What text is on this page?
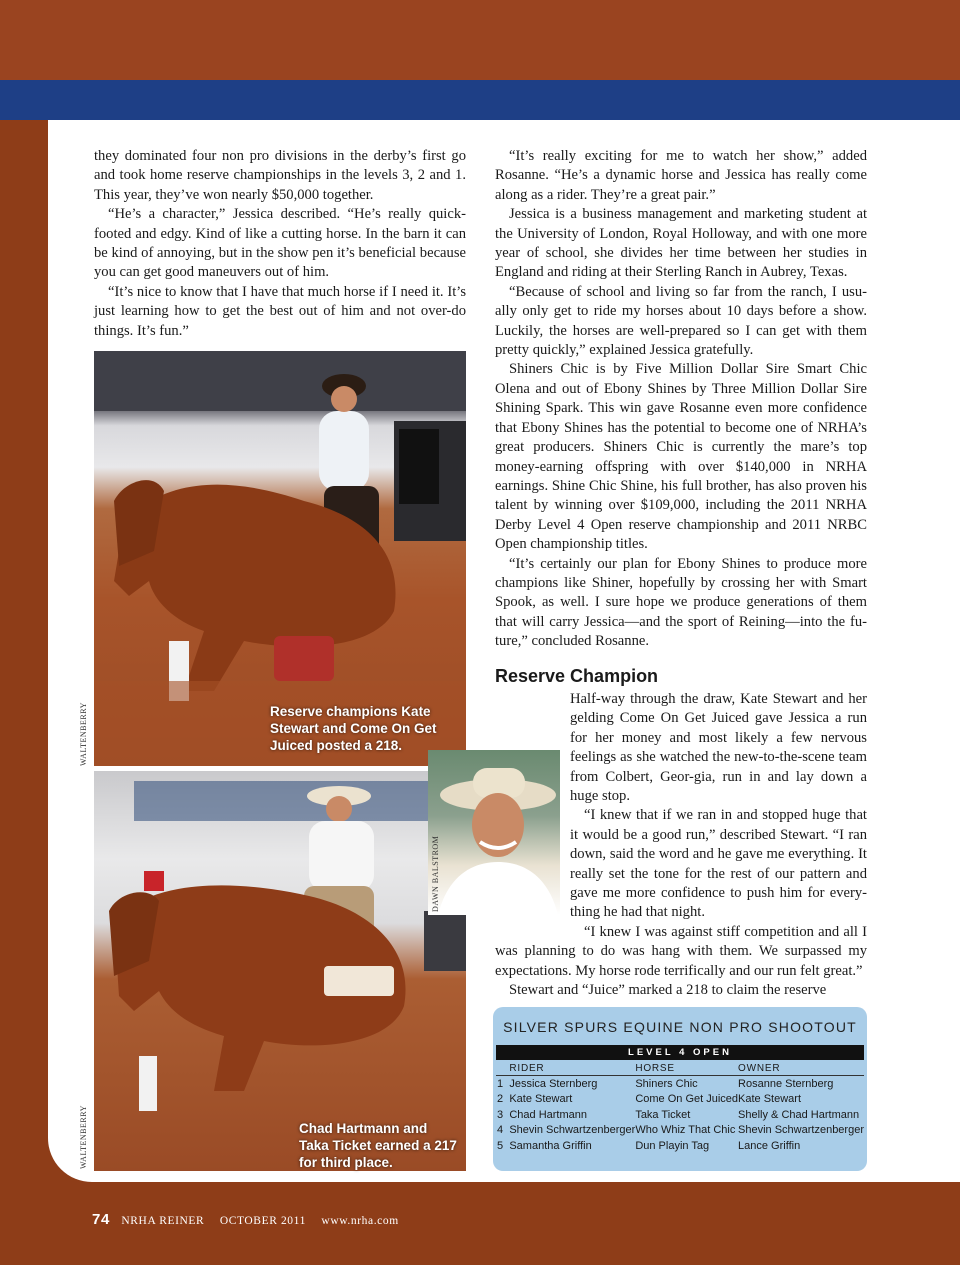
they dominated four non pro divisions in the derby’s first go and took home reserve championships in the levels 3, 2 and 1. This year, they’ve won nearly $50,000 together.

“He’s a character,” Jessica described. “He’s really quick-footed and edgy. Kind of like a cutting horse. In the barn it can be kind of annoying, but in the show pen it’s beneficial because you can get good maneuvers out of him.

“It’s nice to know that I have that much horse if I need it. It’s just learning how to get the best out of him and not over-do things. It’s fun.”

“It’s really exciting for me to watch her show,” added Rosanne. “He’s a dynamic horse and Jessica has really come along as a rider. They’re a great pair.”

Jessica is a business management and marketing student at the University of London, Royal Holloway, and with one more year of school, she divides her time between her studies in England and riding at their Sterling Ranch in Aubrey, Texas.

“Because of school and living so far from the ranch, I usu-ally only get to ride my horses about 10 days before a show. Luckily, the horses are well-prepared so I can get with them pretty quickly,” explained Jessica gratefully.

Shiners Chic is by Five Million Dollar Sire Smart Chic Olena and out of Ebony Shines by Three Million Dollar Sire Shining Spark. This win gave Rosanne even more confidence that Ebony Shines has the potential to become one of NRHA’s great producers. Shiners Chic is currently the mare’s top money-earning offspring with over $140,000 in NRHA earnings. Shine Chic Shine, his full brother, has also proven his talent by winning over $109,000, including the 2011 NRHA Derby Level 4 Open reserve championship and 2011 NRBC Open championship titles.

“It’s certainly our plan for Ebony Shines to produce more champions like Shiner, hopefully by crossing her with Smart Spook, as well. I sure hope we produce generations of them that will carry Jessica—and the sport of Reining—into the fu-ture,” concluded Rosanne.

Reserve Champion

Half-way through the draw, Kate Stewart and her gelding Come On Get Juiced gave Jessica a run for her money and most likely a few nervous feelings as she watched the new-to-the-scene team from Colbert, Geor-gia, run in and lay down a huge stop.

“I knew that if we ran in and stopped huge that it would be a good run,” described Stewart. “I ran down, said the word and he gave me everything. It really set the tone for the rest of our pattern and gave me more confidence to push him for every-thing he had that night.

“I knew I was against stiff competition and all I was planning to do was hang with them. We surpassed my expectations. My horse rode terrifically and our run felt great.”

Stewart and “Juice” marked a 218 to claim the reserve

Reserve champions Kate Stewart and Come On Get Juiced posted a 218.
WALTENBERRY
Chad Hartmann and Taka Ticket earned a 217 for third place.
WALTENBERRY
DAWN BALSTROM
SILVER SPURS EQUINE NON PRO SHOOTOUT
LEVEL 4 OPEN
	RIDER	HORSE	OWNER
1	Jessica Sternberg	Shiners Chic	Rosanne Sternberg
2	Kate Stewart	Come On Get Juiced	Kate Stewart
3	Chad Hartmann	Taka Ticket	Shelly & Chad Hartmann
4	Shevin Schwartzenberger	Who Whiz That Chic	Shevin Schwartzenberger
5	Samantha Griffin	Dun Playin Tag	Lance Griffin
74 NRHA REINER OCTOBER 2011 www.nrha.com
